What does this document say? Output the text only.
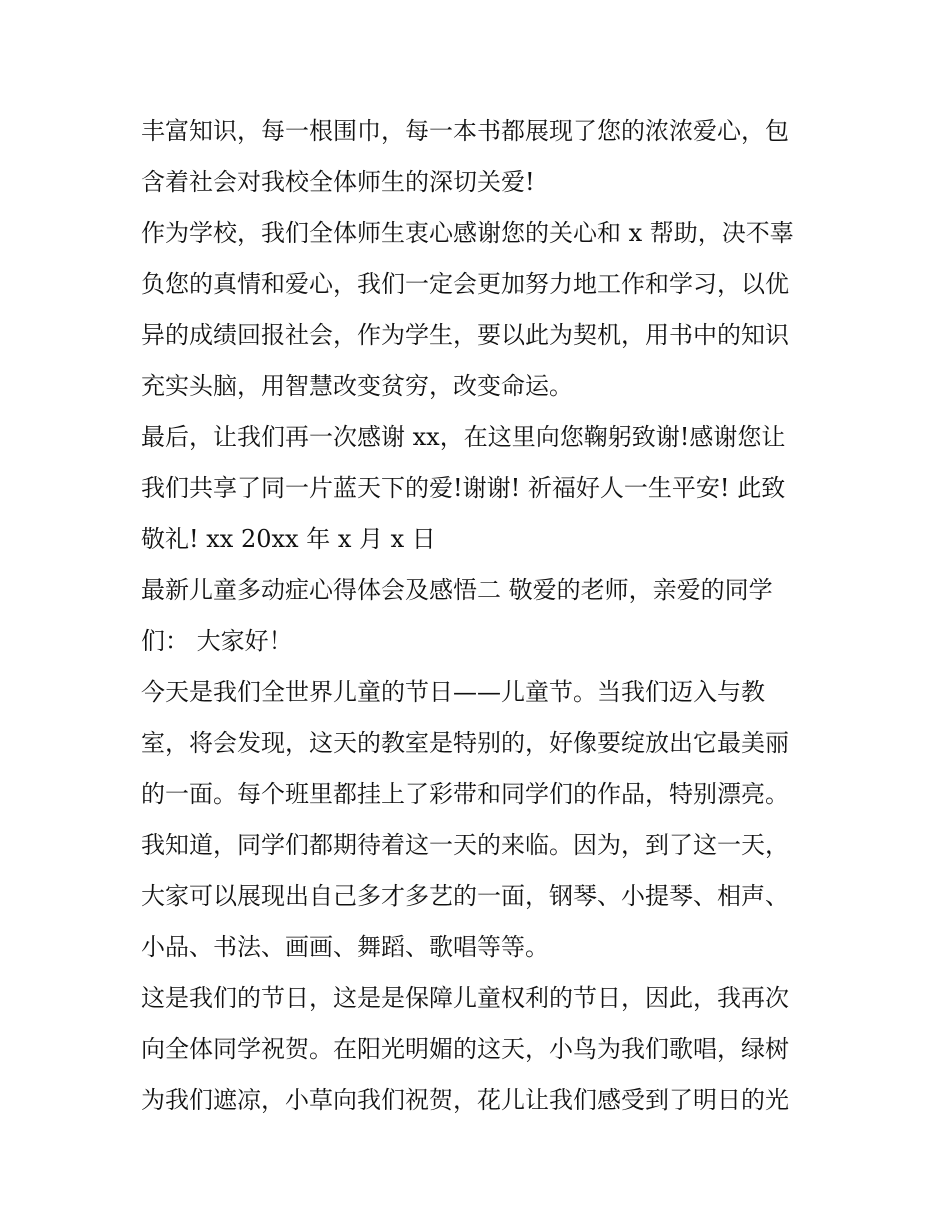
丰富知识，每一根围巾，每一本书都展现了您的浓浓爱心，包
含着社会对我校全体师生的深切关爱!
作为学校，我们全体师生衷心感谢您的关心和 x 帮助，决不辜
负您的真情和爱心，我们一定会更加努力地工作和学习，以优
异的成绩回报社会，作为学生，要以此为契机，用书中的知识
充实头脑，用智慧改变贫穷，改变命运。
最后，让我们再一次感谢 xx，在这里向您鞠躬致谢!感谢您让
我们共享了同一片蓝天下的爱!谢谢! 祈福好人一生平安! 此致
敬礼! xx 20xx 年 x 月 x 日
最新儿童多动症心得体会及感悟二 敬爱的老师，亲爱的同学
们： 大家好！
今天是我们全世界儿童的节日——儿童节。当我们迈入与教
室，将会发现，这天的教室是特别的，好像要绽放出它最美丽
的一面。每个班里都挂上了彩带和同学们的作品，特别漂亮。
我知道，同学们都期待着这一天的来临。因为，到了这一天，
大家可以展现出自己多才多艺的一面，钢琴、小提琴、相声、
小品、书法、画画、舞蹈、歌唱等等。
这是我们的节日，这是是保障儿童权利的节日，因此，我再次
向全体同学祝贺。在阳光明媚的这天，小鸟为我们歌唱，绿树
为我们遮凉，小草向我们祝贺，花儿让我们感受到了明日的光
